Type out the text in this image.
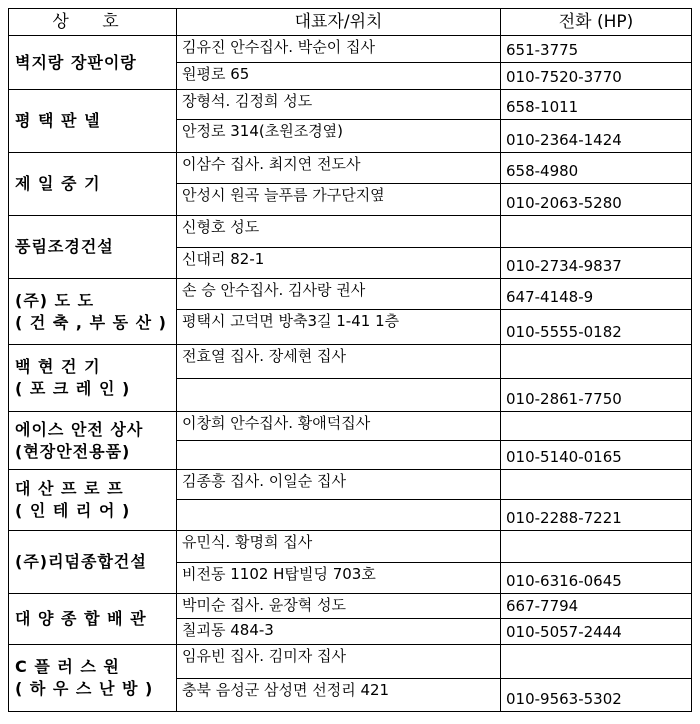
상 호	대표자/위치	전화 (HP)

벽지랑 장판이랑	김유진 안수집사. 박순이 집사	651-3775
	원평로 65	010-7520-3770

평 택 판 넬	장형석. 김정희 성도	658-1011
	안정로 314(초원조경옆)	010-2364-1424

제 일 중 기	이삼수 집사. 최지연 전도사	658-4980
	안성시 원곡 늘푸름 가구단지옆	010-2063-5280

풍림조경건설	신형호 성도	
	신대리 82-1	010-2734-9837

(주) 도 도
( 건 축 , 부 동 산 )	손 승 안수집사. 김사랑 권사	647-4148-9
	평택시 고덕면 방축3길 1-41 1층	010-5555-0182

백 현 건 기
( 포 크 레 인 )	전효열 집사. 장세현 집사	
		010-2861-7750

에이스 안전 상사
(현장안전용품)	이창희 안수집사. 황애덕집사	
		010-5140-0165

대 산 프 로 프
( 인 테 리 어 )	김종흥 집사. 이일순 집사	
		010-2288-7221

(주)리덤종합건설	유민식. 황명희 집사	
	비전동 1102 H탑빌딩 703호	010-6316-0645

대 양 종 합 배 관	박미순 집사. 윤장혁 성도	667-7794
	칠괴동 484-3	010-5057-2444

C 플 러 스 원
( 하 우 스 난 방 )	임유빈 집사. 김미자 집사	
	충북 음성군 삼성면 선정리 421	010-9563-5302
